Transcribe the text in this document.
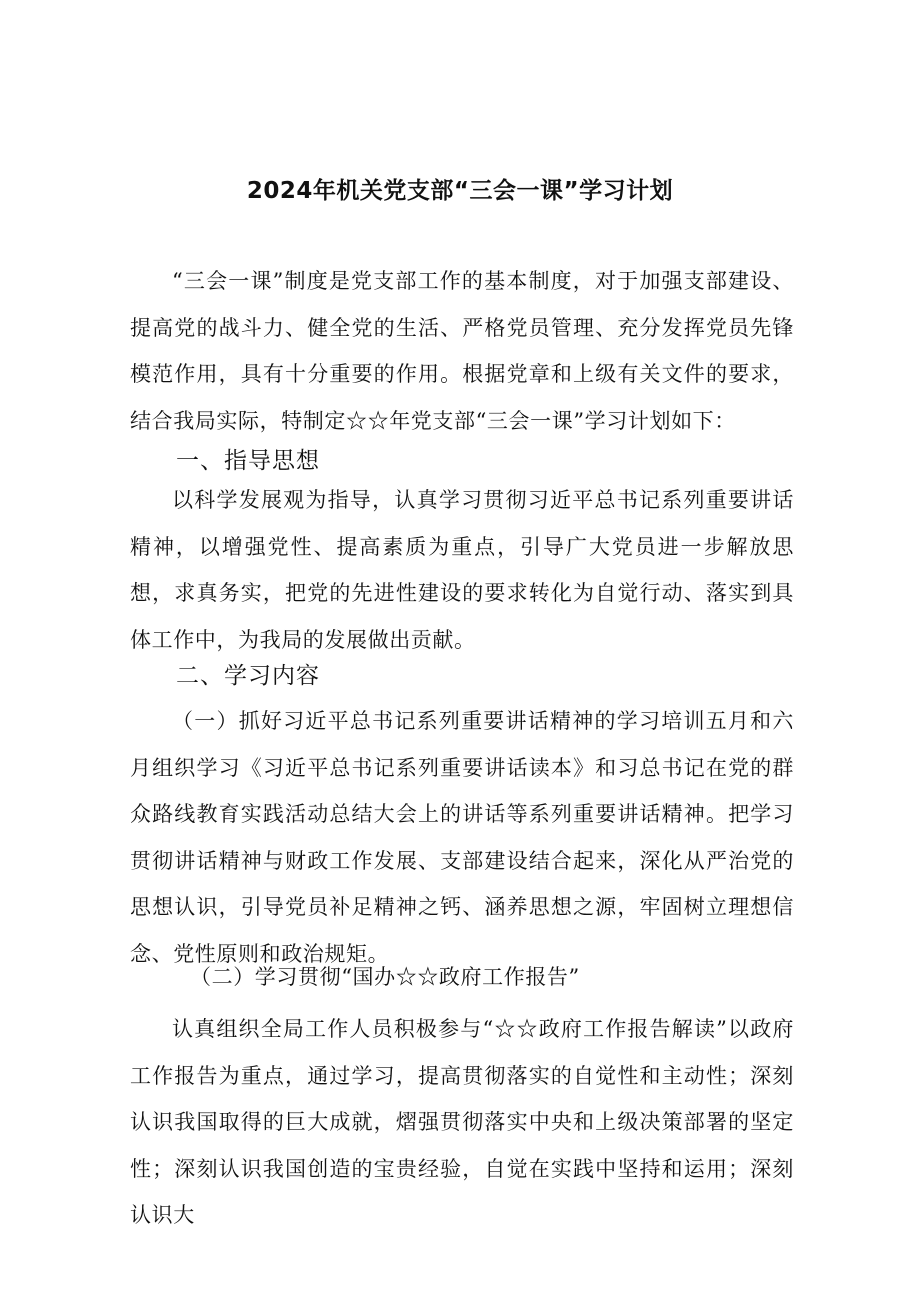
2024年机关党支部“三会一课”学习计划

“三会一课”制度是党支部工作的基本制度，对于加强支部建设、提高党的战斗力、健全党的生活、严格党员管理、充分发挥党员先锋模范作用，具有十分重要的作用。根据党章和上级有关文件的要求，结合我局实际，特制定☆☆年党支部“三会一课”学习计划如下：

一、指导思想

以科学发展观为指导，认真学习贯彻习近平总书记系列重要讲话精神，以增强党性、提高素质为重点，引导广大党员进一步解放思想，求真务实，把党的先进性建设的要求转化为自觉行动、落实到具体工作中，为我局的发展做出贡献。

二、学习内容

（一）抓好习近平总书记系列重要讲话精神的学习培训五月和六月组织学习《习近平总书记系列重要讲话读本》和习总书记在党的群众路线教育实践活动总结大会上的讲话等系列重要讲话精神。把学习贯彻讲话精神与财政工作发展、支部建设结合起来，深化从严治党的思想认识，引导党员补足精神之钙、涵养思想之源，牢固树立理想信念、党性原则和政治规矩。

（二）学习贯彻“国办☆☆政府工作报告”

认真组织全局工作人员积极参与“☆☆政府工作报告解读”以政府工作报告为重点，通过学习，提高贯彻落实的自觉性和主动性；深刻认识我国取得的巨大成就，熠强贯彻落实中央和上级决策部署的坚定性；深刻认识我国创造的宝贵经验，自觉在实践中坚持和运用；深刻认识大
